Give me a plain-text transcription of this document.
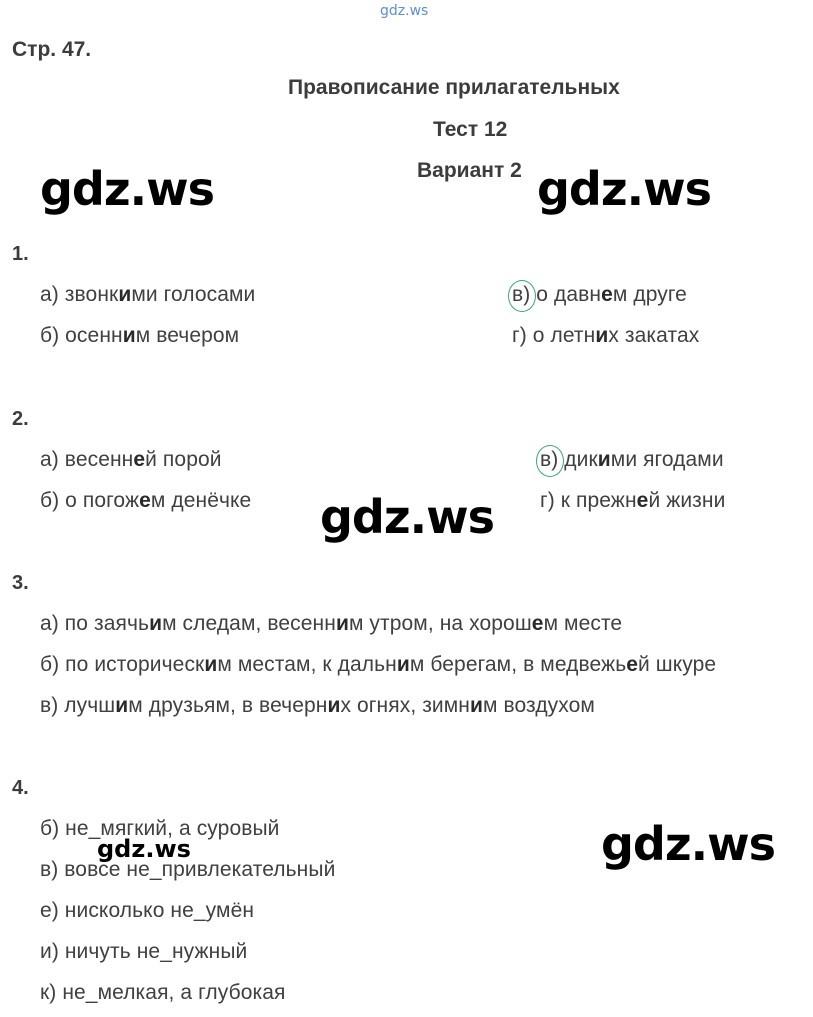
gdz.ws
gdz.ws	gdz.ws
gdz.ws
gdz.ws
gdz.ws
Стр. 47.
Правописание прилагательных
Тест 12
Вариант 2
1.
а) звонкими голосами
б) осенним вечером
в) о давнем друге
г) о летних закатах
2.
а) весенней порой
б) о погожем денёчке
в) дикими ягодами
г) к прежней жизни
3.
а) по заячьим следам, весенним утром, на хорошем месте
б) по историческим местам, к дальним берегам, в медвежьей шкуре
в) лучшим друзьям, в вечерних огнях, зимним воздухом
4.
б) не_мягкий, а суровый
в) вовсе не_привлекательный
е) нисколько не_умён
и) ничуть не_нужный
к) не_мелкая, а глубокая
